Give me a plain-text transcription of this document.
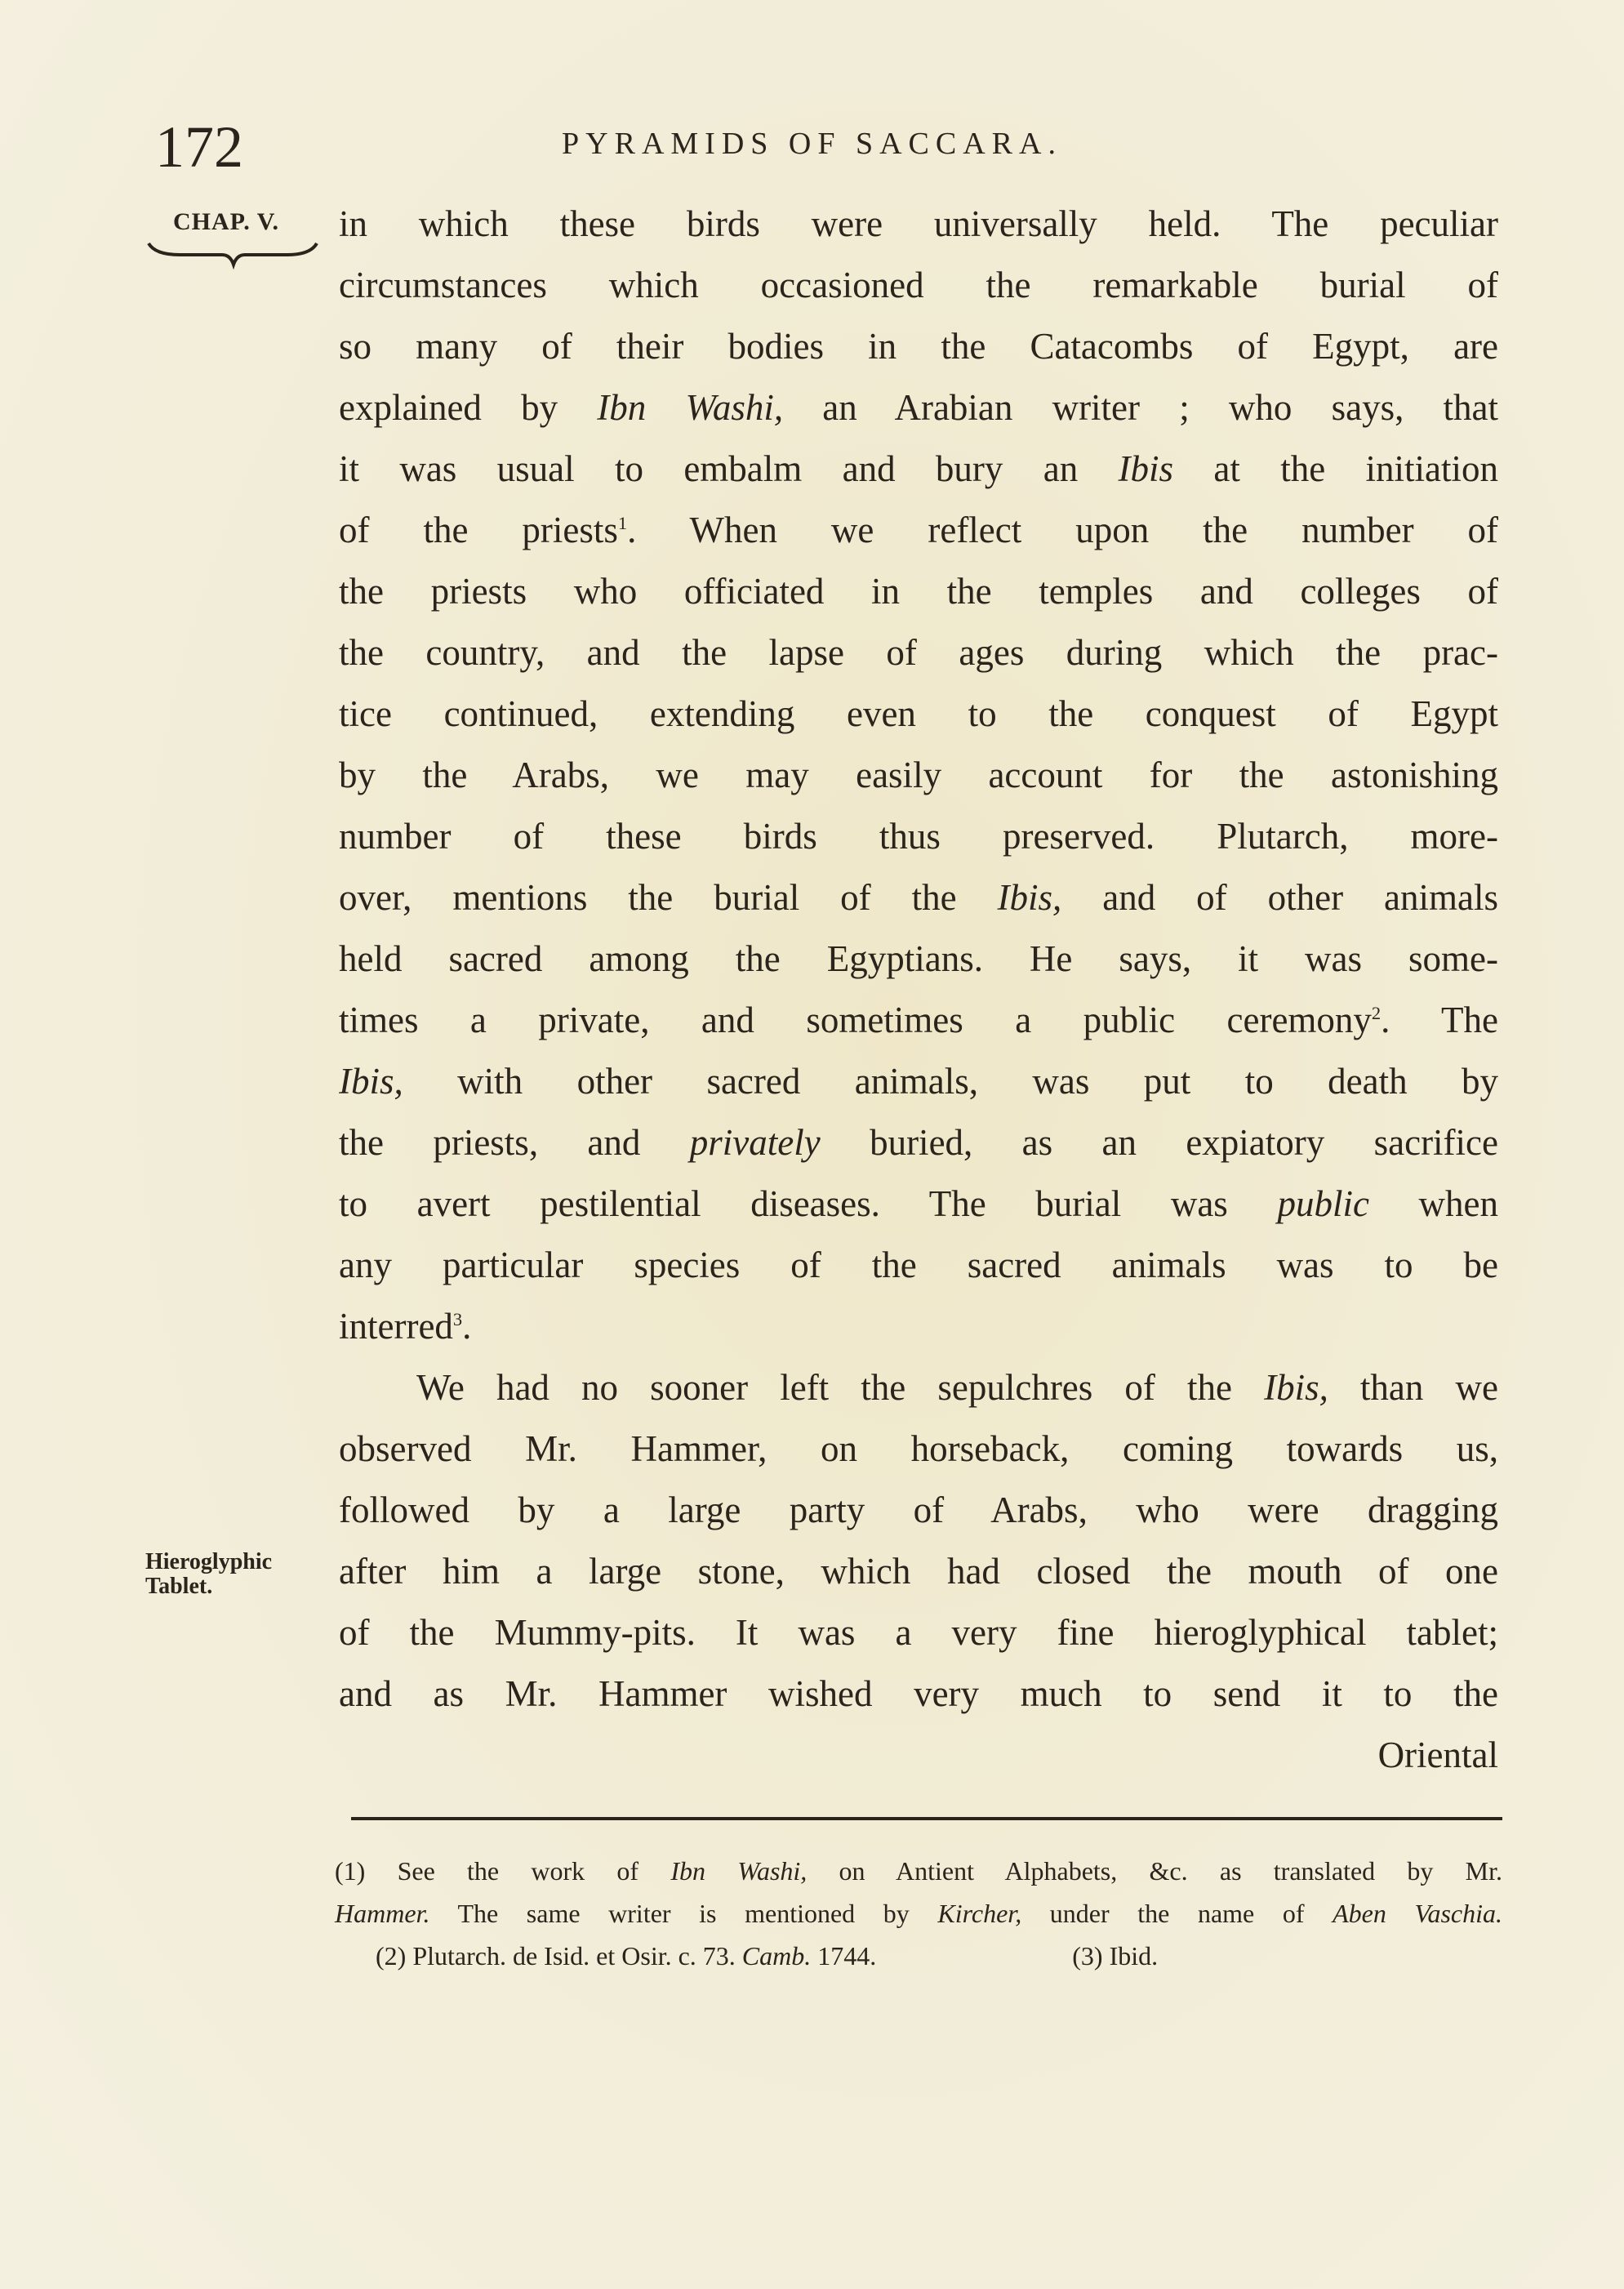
172	PYRAMIDS OF SACCARA.
CHAP. V.
Hieroglyphic Tablet.
in which these birds were universally held. The peculiar
circumstances which occasioned the remarkable burial of
so many of their bodies in the Catacombs of Egypt, are
explained by Ibn Washi, an Arabian writer ; who says, that
it was usual to embalm and bury an Ibis at the initiation
of the priests$^1$. When we reflect upon the number of
the priests who officiated in the temples and colleges of
the country, and the lapse of ages during which the prac-
tice continued, extending even to the conquest of Egypt
by the Arabs, we may easily account for the astonishing
number of these birds thus preserved. Plutarch, more-
over, mentions the burial of the Ibis, and of other animals
held sacred among the Egyptians. He says, it was some-
times a private, and sometimes a public ceremony$^2$. The
Ibis, with other sacred animals, was put to death by
the priests, and privately buried, as an expiatory sacrifice
to avert pestilential diseases. The burial was public when
any particular species of the sacred animals was to be
interred$^3$.
We had no sooner left the sepulchres of the Ibis, than we
observed Mr. Hammer, on horseback, coming towards us,
followed by a large party of Arabs, who were dragging
after him a large stone, which had closed the mouth of one
of the Mummy-pits. It was a very fine hieroglyphical tablet;
and as Mr. Hammer wished very much to send it to the
Oriental
(1) See the work of Ibn Washi, on Antient Alphabets, &c. as translated by Mr.
Hammer. The same writer is mentioned by Kircher, under the name of Aben Vaschia.
(2) Plutarch. de Isid. et Osir. c. 73. Camb. 1744.	(3) Ibid.
